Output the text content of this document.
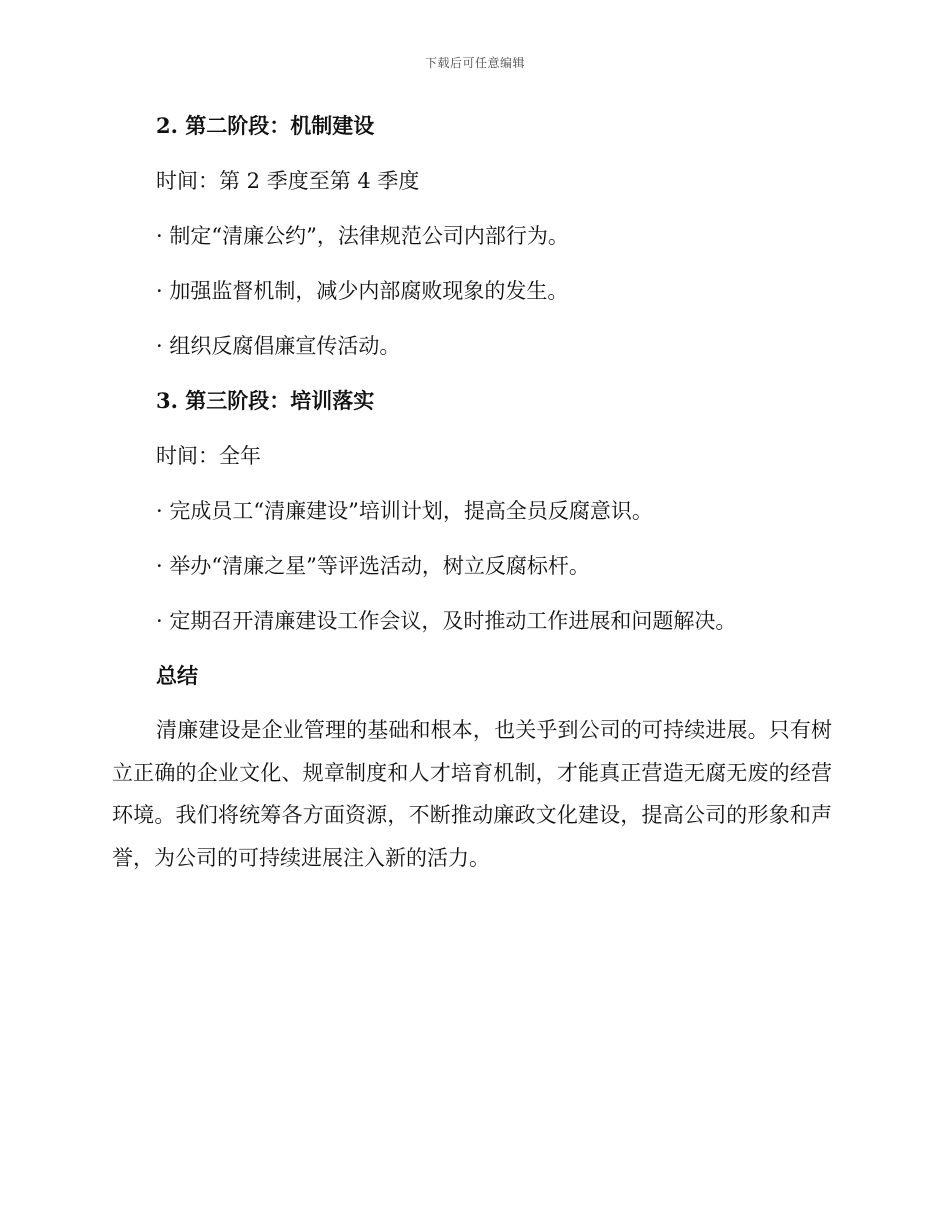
下载后可任意编辑
2. 第二阶段：机制建设
时间：第 2 季度至第 4 季度
· 制定“清廉公约”，法律规范公司内部行为。
· 加强监督机制，减少内部腐败现象的发生。
· 组织反腐倡廉宣传活动。
3. 第三阶段：培训落实
时间：全年
· 完成员工“清廉建设”培训计划，提高全员反腐意识。
· 举办“清廉之星”等评选活动，树立反腐标杆。
· 定期召开清廉建设工作会议，及时推动工作进展和问题解决。
总结
清廉建设是企业管理的基础和根本，也关乎到公司的可持续进展。只有树立正确的企业文化、规章制度和人才培育机制，才能真正营造无腐无废的经营环境。我们将统筹各方面资源，不断推动廉政文化建设，提高公司的形象和声誉，为公司的可持续进展注入新的活力。
